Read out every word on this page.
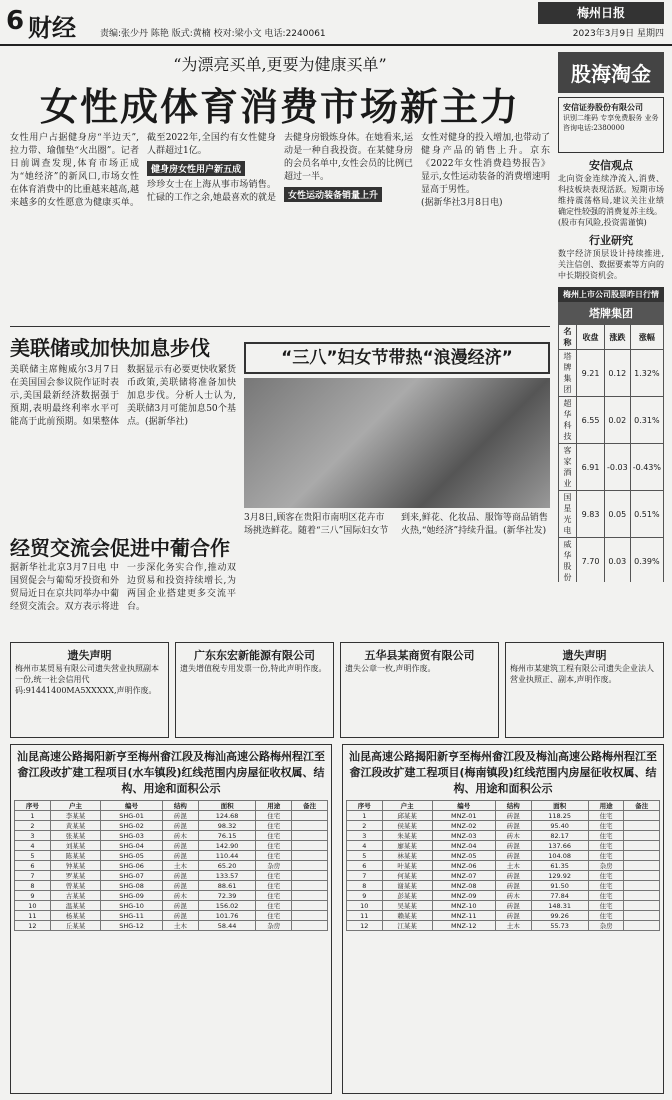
6 财经	责编:张少丹 陈艳 版式:黄楠 校对:梁小文 电话:2240061
梅州日报
2023年3月9日 星期四
“为漂亮买单,更要为健康买单”
女性成体育消费市场新主力
女性用户占据健身房“半边天”,拉力带、瑜伽垫“火出圈”。记者日前调查发现,体育市场正成为“她经济”的新风口,市场女性在体育消费中的比重越来越高,越来越多的女性愿意为健康买单。截至2022年,全国约有女性健身人群超过1亿。
健身房女性用户新五成
珍珍女士在上海从事市场销售。忙碌的工作之余,她最喜欢的就是去健身房锻炼身体。在她看来,运动是一种自我投资。在某健身房的会员名单中,女性会员的比例已超过一半。
女性运动装备销量上升
女性对健身的投入增加,也带动了健身产品的销售上升。京东《2022年女性消费趋势报告》显示,女性运动装备的消费增速明显高于男性。
(据新华社3月8日电)
美联储或加快加息步伐
美联储主席鲍威尔3月7日在美国国会参议院作证时表示,美国最新经济数据强于预期,表明最终利率水平可能高于此前预期。如果整体数据显示有必要更快收紧货币政策,美联储将准备加快加息步伐。分析人士认为,美联储3月可能加息50个基点。(据新华社)
“三八”妇女节带热“浪漫经济”
3月8日,顾客在贵阳市南明区花卉市场挑选鲜花。随着“三八”国际妇女节到来,鲜花、化妆品、服饰等商品销售火热,“她经济”持续升温。(新华社发)
经贸交流会促进中葡合作
据新华社北京3月7日电 中国贸促会与葡萄牙投资和外贸局近日在京共同举办中葡经贸交流会。双方表示将进一步深化务实合作,推动双边贸易和投资持续增长,为两国企业搭建更多交流平台。
股海淘金
安信证券股份有限公司
识别二维码 专享免费服务 业务咨询电话:2380000
安信观点
北向资金连续净流入,消费、科技板块表现活跃。短期市场维持震荡格局,建议关注业绩确定性较强的消费复苏主线。
(股市有风险,投资需谨慎)
行业研究
数字经济顶层设计持续推进,关注信创、数据要素等方向的中长期投资机会。
梅州上市公司股票昨日行情
塔牌集团
名称	收盘	涨跌	涨幅
塔牌集团	9.21	0.12	1.32%
超华科技	6.55	0.02	0.31%
客家酒业	6.91	-0.03	-0.43%
国星光电	9.83	0.05	0.51%
威华股份	7.70	0.03	0.39%

遗失声明
梅州市某贸易有限公司遗失营业执照副本一份,统一社会信用代码:91441400MA5XXXXX,声明作废。
广东东宏新能源有限公司
遗失增值税专用发票一份,特此声明作废。
五华县某商贸有限公司
遗失公章一枚,声明作废。
遗失声明
梅州市某建筑工程有限公司遗失企业法人营业执照正、副本,声明作废。
汕昆高速公路揭阳新亨至梅州畲江段及梅汕高速公路梅州程江至畲江段改扩建工程项目(水车镇段)红线范围内房屋征收权属、结构、用途和面积公示
序号	户主	编号	结构	面积	用途	备注
1	李某某	SHG-01	砖混	124.68	住宅	
2	黄某某	SHG-02	砖混	98.32	住宅	
3	张某某	SHG-03	砖木	76.15	住宅	
4	刘某某	SHG-04	砖混	142.90	住宅	
5	陈某某	SHG-05	砖混	110.44	住宅	
6	钟某某	SHG-06	土木	65.20	杂房	
7	罗某某	SHG-07	砖混	133.57	住宅	
8	曾某某	SHG-08	砖混	88.61	住宅	
9	古某某	SHG-09	砖木	72.39	住宅	
10	温某某	SHG-10	砖混	156.02	住宅	
11	杨某某	SHG-11	砖混	101.76	住宅	
12	丘某某	SHG-12	土木	58.44	杂房	
汕昆高速公路揭阳新亨至梅州畲江段及梅汕高速公路梅州程江至畲江段改扩建工程项目(梅南镇段)红线范围内房屋征收权属、结构、用途和面积公示
序号	户主	编号	结构	面积	用途	备注
1	邱某某	MNZ-01	砖混	118.25	住宅	
2	侯某某	MNZ-02	砖混	95.40	住宅	
3	朱某某	MNZ-03	砖木	82.17	住宅	
4	廖某某	MNZ-04	砖混	137.66	住宅	
5	林某某	MNZ-05	砖混	104.08	住宅	
6	叶某某	MNZ-06	土木	61.35	杂房	
7	何某某	MNZ-07	砖混	129.92	住宅	
8	谢某某	MNZ-08	砖混	91.50	住宅	
9	彭某某	MNZ-09	砖木	77.84	住宅	
10	吴某某	MNZ-10	砖混	148.31	住宅	
11	赖某某	MNZ-11	砖混	99.26	住宅	
12	江某某	MNZ-12	土木	55.73	杂房	
